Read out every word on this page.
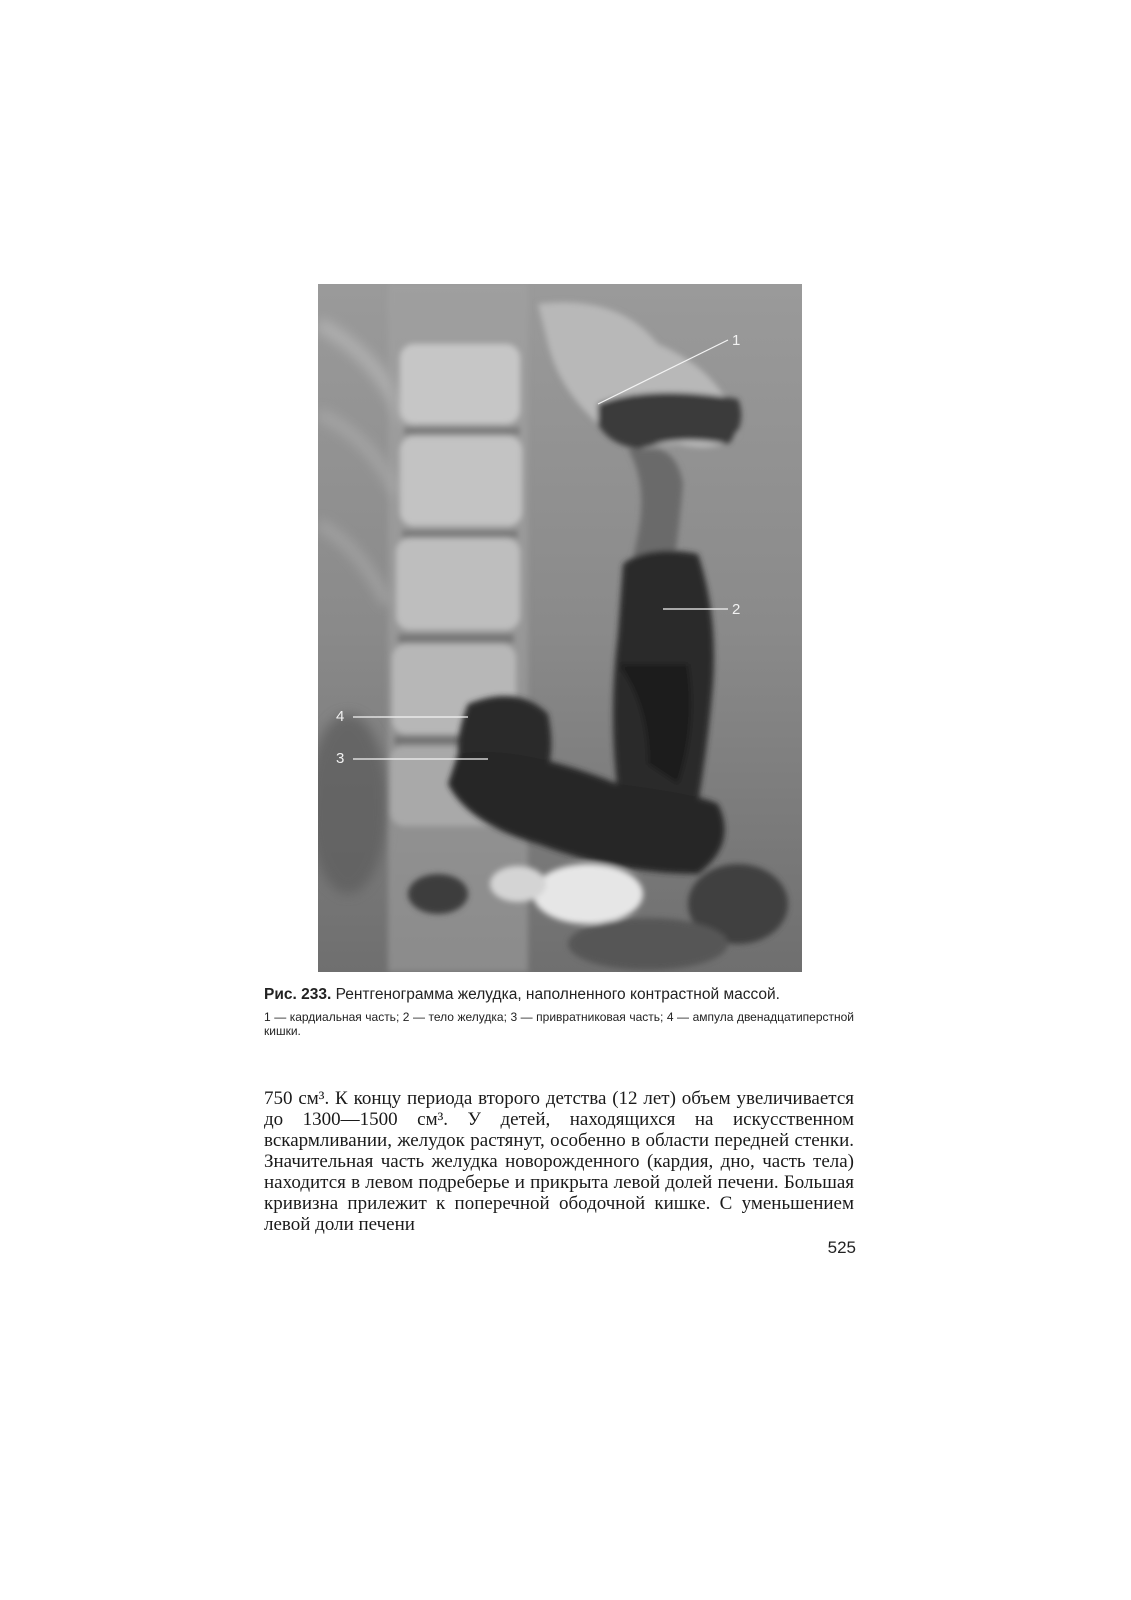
1
2
3
4

Рис. 233. Рентгенограмма желудка, наполненного контрастной массой.

1 — кардиальная часть; 2 — тело желудка; 3 — привратниковая часть; 4 — ампула двенадцатиперстной кишки.

750 см³. К концу периода второго детства (12 лет) объем увеличивается до 1300—1500 см³. У детей, находящихся на искусственном вскармливании, желудок растянут, особенно в области передней стенки. Значительная часть желудка новорожденного (кардия, дно, часть тела) находится в левом подреберье и прикрыта левой долей печени. Большая кривизна прилежит к поперечной ободочной кишке. С уменьшением левой доли печени

525
